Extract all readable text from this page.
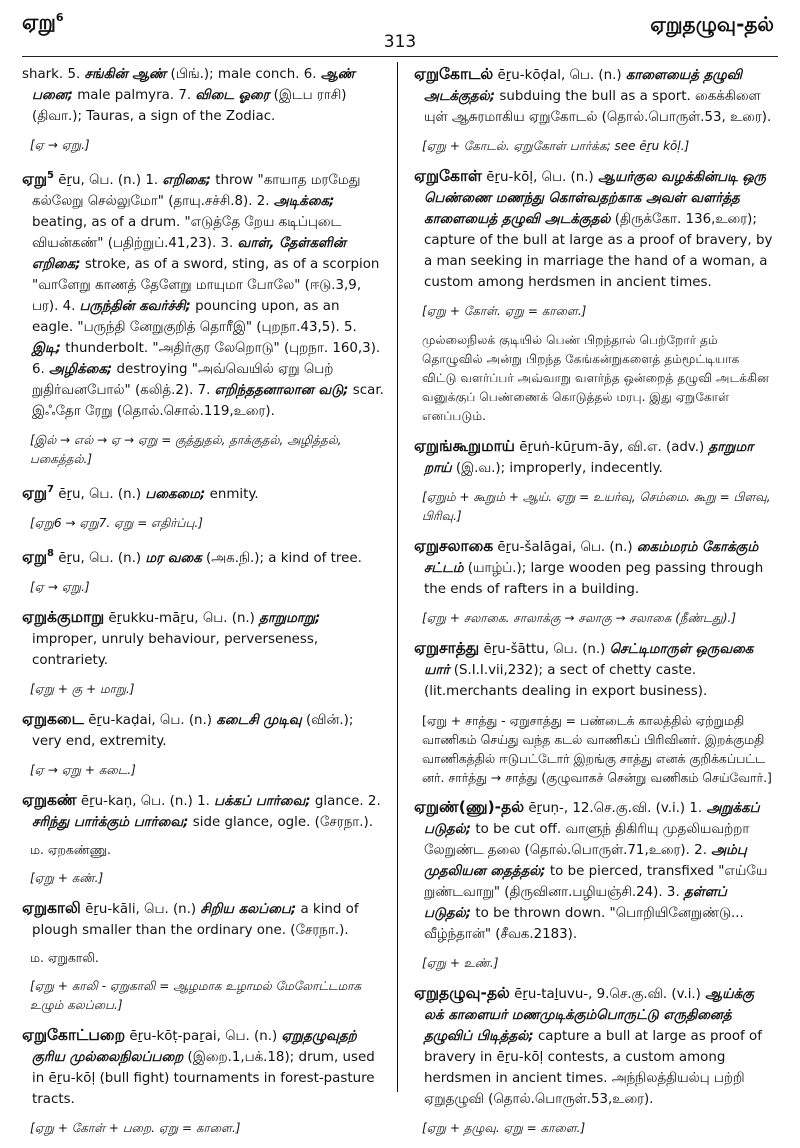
ஏறு$^6$
313
ஏறுதழுவு-தல்

shark. 5. சங்கின் ஆண் (பிங்.); male conch. 6. ஆண் பனை; male palmyra. 7. விடை ஓரை (இடப ராசி) (திவா.); Tauras, a sign of the Zodiac.

[ஏ → ஏறு.]

ஏறு$^5$ ēṟu, பெ. (n.) 1. எறிகை; throw "காயாத மரமேது கல்லேறு செல்லுமோ" (தாயு.சச்சி.8). 2. அடிக்கை; beating, as of a drum. "எடுத்தே றேய கடிப்புடை வியன்கண்" (பதிற்றுப்.41,23). 3. வாள், தேள்களின் எறிகை; stroke, as of a sword, sting, as of a scorpion "வாளேறு காணத் தேளேறு மாயுமா போலே" (ஈடு.3,9, பர). 4. பருந்தின் கவர்ச்சி; pouncing upon, as an eagle. "பருந்தி னேறுகுறித் தொரீஇ" (புறநா.43,5). 5. இடி; thunderbolt. "அதிர்குர லேறொடு" (புறநா. 160,3). 6. அழிக்கை; destroying "அவ்வெயில் ஏறு பெற் றுதிர்வனபோல்" (கலித்.2). 7. எறிந்ததனாலான வடு; scar. இஃதோ ரேறு (தொல்.சொல்.119,உரை).

[இல் → எல் → ஏ → ஏறு = குத்துதல், தாக்குதல், அழித்தல், பகைத்தல்.]

ஏறு$^7$ ēṟu, பெ. (n.) பகைமை; enmity.

[ஏறு6 → ஏறு7. ஏறு = எதிர்ப்பு.]

ஏறு$^8$ ēṟu, பெ. (n.) மர வகை (அக.நி.); a kind of tree.

[ஏ → ஏறு.]

ஏறுக்குமாறு ēṟukku-māṟu, பெ. (n.) தாறுமாறு; improper, unruly behaviour, perverseness, contrariety.

[ஏறு + கு + மாறு.]

ஏறுகடை ēṟu-kaḍai, பெ. (n.) கடைசி முடிவு (வின்.); very end, extremity.

[ஏ → ஏறு + கடை.]

ஏறுகண் ēṟu-kaṇ, பெ. (n.) 1. பக்கப் பார்வை; glance. 2. சரிந்து பார்க்கும் பார்வை; side glance, ogle. (சேரநா.).

ம. ஏறகண்ணு.

[ஏறு + கண்.]

ஏறுகாலி ēṟu-kāli, பெ. (n.) சிறிய கலப்பை; a kind of plough smaller than the ordinary one. (சேரநா.).

ம. ஏறுகாலி.

[ஏறு + காலி - ஏறுகாலி = ஆழமாக உழாமல் மேலோட்டமாக உழும் கலப்பை.]

ஏறுகோட்பறை ēṟu-kōṭ-paṟai, பெ. (n.) ஏறுதழுவுதற் குரிய முல்லைநிலப்பறை (இறை.1,பக்.18); drum, used in ēṟu-kōḷ (bull fight) tournaments in forest-pasture tracts.

[ஏறு + கோள் + பறை. ஏறு = காளை.]

ஏறுகோடல் ēṟu-kōḍal, பெ. (n.) காளையைத் தழுவி அடக்குதல்; subduing the bull as a sport. கைக்கிளை யுள் ஆசுரமாகிய ஏறுகோடல் (தொல்.பொருள்.53, உரை).

[ஏறு + கோடல். ஏறுகோள் பார்க்க; see ēṟu kōḷ.]

ஏறுகோள் ēṟu-kōḷ, பெ. (n.) ஆயர்குல வழக்கின்படி ஒரு பெண்ணை மணந்து கொள்வதற்காக அவள் வளர்த்த காளையைத் தழுவி அடக்குதல் (திருக்கோ. 136,உரை); capture of the bull at large as a proof of bravery, by a man seeking in marriage the hand of a woman, a custom among herdsmen in ancient times.

[ஏறு + கோள். ஏறு = காளை.]

முல்லைநிலக் குடியில் பெண் பிறந்தால் பெற்றோர் தம் தொழுவில் அன்று பிறந்த கேங்கன்றுகளைத் தம்மூட்டியாக விட்டு வளர்ப்பர் அவ்வாறு வளர்ந்த ஒன்றைத் தழுவி அடக்கின வனுக்குப் பெண்ணைக் கொடுத்தல் மரபு. இது ஏறுகோள் எனப்படும்.

ஏறுங்கூறுமாய் ēṟuṅ-kūṟum-āy, வி.எ. (adv.) தாறுமா றாய் (இ.வ.); improperly, indecently.

[ஏறும் + கூறும் + ஆய். ஏறு = உயர்வு, செம்மை. கூறு = பிளவு, பிரிவு.]

ஏறுசலாகை ēṟu-šalāgai, பெ. (n.) கைம்மரம் கோக்கும் சட்டம் (யாழ்ப்.); large wooden peg passing through the ends of rafters in a building.

[ஏறு + சலாகை. சாலாக்கு → சலாகு → சலாகை (நீண்டது).]

ஏறுசாத்து ēṟu-šāttu, பெ. (n.) செட்டிமாருள் ஒருவகை யார் (S.I.I.vii,232); a sect of chetty caste. (lit.merchants dealing in export business).

[ஏறு + சாத்து - ஏறுசாத்து = பண்டைக் காலத்தில் ஏற்றுமதி வாணிகம் செய்து வந்த கடல் வாணிகப் பிரிவினர். இறக்குமதி வாணிகத்தில் ஈடுபட்டோர் இறங்கு சாத்து எனக் குறிக்கப்பட்ட னர். சார்த்து → சாத்து (குழுவாகச் சென்று வணிகம் செய்வோர்.]

ஏறுண்(ணு)-தல் ēṟuṇ-, 12.செ.கு.வி. (v.i.) 1. அறுக்கப் படுதல்; to be cut off. வாளுந் திகிரியு முதலியவற்றா லேறுண்ட தலை (தொல்.பொருள்.71,உரை). 2. அம்பு முதலியன தைத்தல்; to be pierced, transfixed "எய்யே றுண்டவாறு" (திருவினா.பழியஞ்சி.24). 3. தள்ளப் படுதல்; to be thrown down. "பொறியினேறுண்டு... வீழ்ந்தான்" (சீவக.2183).

[ஏறு + உண்.]

ஏறுதழுவு-தல் ēṟu-taḻuvu-, 9.செ.கு.வி. (v.i.) ஆய்க்கு லக் காளையர் மணமுடிக்கும்பொருட்டு எருதினைத் தழுவிப் பிடித்தல்; capture a bull at large as proof of bravery in ēṟu-kōḷ contests, a custom among herdsmen in ancient times. அந்நிலத்தியல்பு பற்றி ஏறுதழுவி (தொல்.பொருள்.53,உரை).

[ஏறு + தழுவு. ஏறு = காளை.]
